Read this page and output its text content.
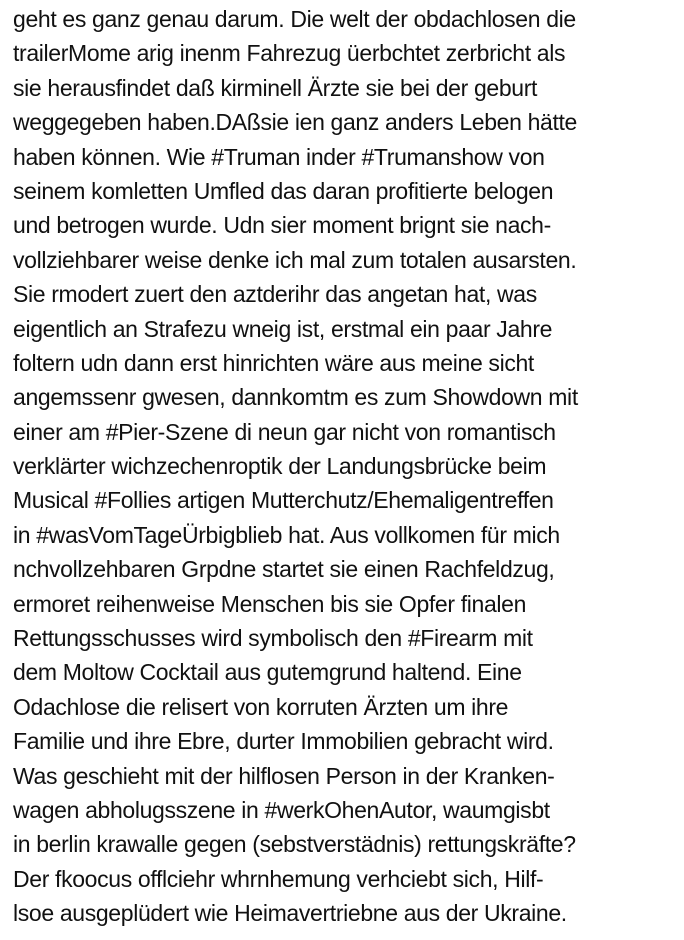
geht es ganz genau darum. Die welt der obdachlosen die
trailerMome arig inenm Fahrezug üerbchtet zerbricht als
sie herausfindet daß kirminell Ärzte sie bei der geburt
weggegeben haben.DAßsie ien ganz anders Leben hätte
haben können. Wie #Truman inder #Trumanshow von
seinem komletten Umfled das daran profitierte belogen
und betrogen wurde. Udn sier moment brignt sie nach-
vollziehbarer weise denke ich mal zum totalen ausarsten.
Sie rmodert zuert den aztderihr das angetan hat, was
eigentlich an Strafezu wneig ist, erstmal ein paar Jahre
foltern udn dann erst hinrichten wäre aus meine sicht
angemssenr gwesen, dannkomtm es zum Showdown mit
einer am #Pier-Szene di neun gar nicht von romantisch
verklärter wichzechenroptik der Landungsbrücke beim
Musical #Follies artigen Mutterchutz/Ehemaligentreffen
in #wasVomTageÜrbigblieb hat. Aus vollkomen für mich
nchvollzehbaren Grpdne startet sie einen Rachfeldzug,
ermoret reihenweise Menschen bis sie Opfer finalen
Rettungsschusses wird symbolisch den #Firearm mit
dem Moltow Cocktail aus gutemgrund haltend. Eine
Odachlose die relisert von korruten Ärzten um ihre
Familie und ihre Ebre, durter Immobilien gebracht wird.
Was geschieht mit der hilflosen Person in der Kranken-
wagen abholugsszene in #werkOhenAutor, waumgisbt
in berlin krawalle gegen (sebstverstädnis) rettungskräfte?
Der fkoocus offlciehr whrnhemung verhciebt sich, Hilf-
lsoe ausgeplüdert wie Heimavertriebne aus der Ukraine.
